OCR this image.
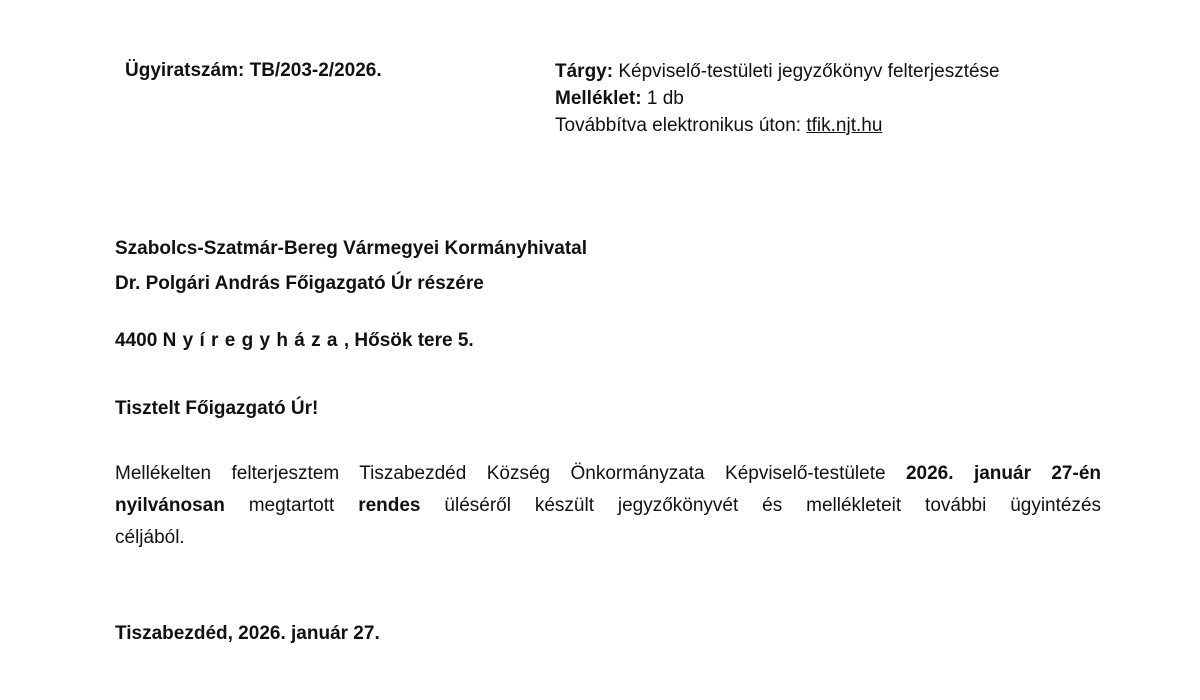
Ügyiratszám: TB/203-2/2026.	Tárgy: Képviselő-testületi jegyzőkönyv felterjesztése
Melléklet: 1 db
Továbbítva elektronikus úton: tfik.njt.hu
Szabolcs-Szatmár-Bereg Vármegyei Kormányhivatal
Dr. Polgári András Főigazgató Úr részére
4400 Nyíregyháza, Hősök tere 5.
Tisztelt Főigazgató Úr!
Mellékelten felterjesztem Tiszabezdéd Község Önkormányzata Képviselő-testülete 2026. január 27-én
nyilvánosan megtartott rendes üléséről készült jegyzőkönyvét és mellékleteit további ügyintézés
céljából.
Tiszabezdéd, 2026. január 27.
